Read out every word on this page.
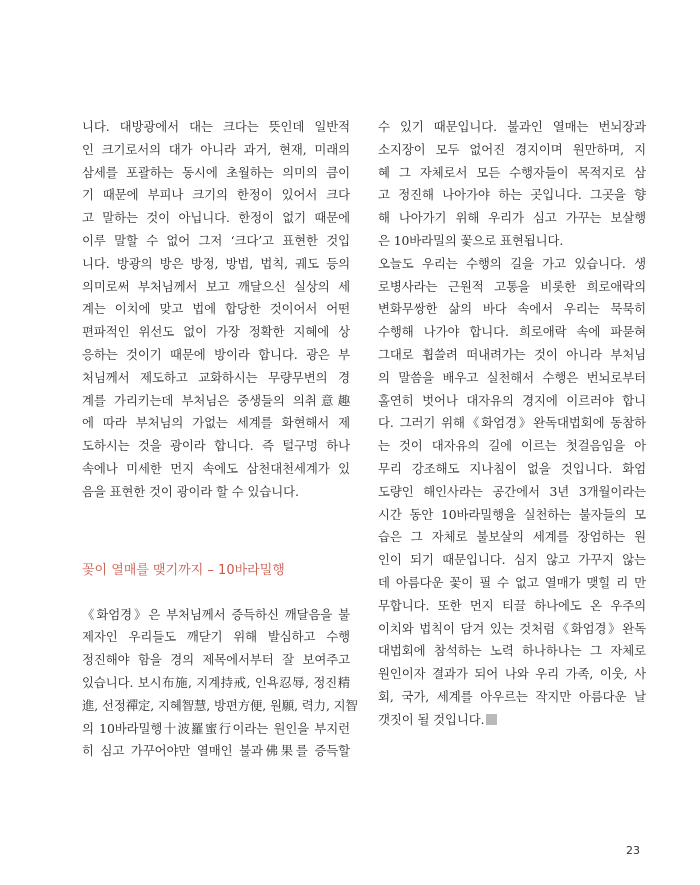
니다. 대방광에서 대는 크다는 뜻인데 일반적
인 크기로서의 대가 아니라 과거, 현재, 미래의
삼세를 포괄하는 동시에 초월하는 의미의 큼이
기 때문에 부피나 크기의 한정이 있어서 크다
고 말하는 것이 아닙니다. 한정이 없기 때문에
이루 말할 수 없어 그저 ‘크다’고 표현한 것입
니다. 방광의 방은 방정, 방법, 법칙, 궤도 등의
의미로써 부처님께서 보고 깨달으신 실상의 세
계는 이치에 맞고 법에 합당한 것이어서 어떤
편파적인 위선도 없이 가장 정확한 지혜에 상
응하는 것이기 때문에 방이라 합니다. 광은 부
처님께서 제도하고 교화하시는 무량무변의 경
계를 가리키는데 부처님은 중생들의 의취意趣
에 따라 부처님의 가없는 세계를 화현해서 제
도하시는 것을 광이라 합니다. 즉 털구멍 하나
속에나 미세한 먼지 속에도 삼천대천세계가 있
음을 표현한 것이 광이라 할 수 있습니다.
꽃이 열매를 맺기까지 – 10바라밀행
《화엄경》은 부처님께서 증득하신 깨달음을 불
제자인 우리들도 깨닫기 위해 발심하고 수행
정진해야 함을 경의 제목에서부터 잘 보여주고
있습니다. 보시布施, 지계持戒, 인욕忍辱, 정진精
進, 선정禪定, 지혜智慧, 방편方便, 원願, 력力, 지智
의 10바라밀행十波羅蜜行이라는 원인을 부지런
히 심고 가꾸어야만 열매인 불과佛果를 증득할
수 있기 때문입니다. 불과인 열매는 번뇌장과
소지장이 모두 없어진 경지이며 원만하며, 지
혜 그 자체로서 모든 수행자들이 목적지로 삼
고 정진해 나아가야 하는 곳입니다. 그곳을 향
해 나아가기 위해 우리가 심고 가꾸는 보살행
은 10바라밀의 꽃으로 표현됩니다.
오늘도 우리는 수행의 길을 가고 있습니다. 생
로병사라는 근원적 고통을 비롯한 희로애락의
변화무쌍한 삶의 바다 속에서 우리는 묵묵히
수행해 나가야 합니다. 희로애락 속에 파묻혀
그대로 휩쓸려 떠내려가는 것이 아니라 부처님
의 말씀을 배우고 실천해서 수행은 번뇌로부터
홀연히 벗어나 대자유의 경지에 이르러야 합니
다. 그러기 위해《화엄경》완독대법회에 동참하
는 것이 대자유의 길에 이르는 첫걸음임을 아
무리 강조해도 지나침이 없을 것입니다. 화엄
도량인 해인사라는 공간에서 3년 3개월이라는
시간 동안 10바라밀행을 실천하는 불자들의 모
습은 그 자체로 불보살의 세계를 장엄하는 원
인이 되기 때문입니다. 심지 않고 가꾸지 않는
데 아름다운 꽃이 필 수 없고 열매가 맺힐 리 만
무합니다. 또한 먼지 티끌 하나에도 온 우주의
이치와 법칙이 담겨 있는 것처럼《화엄경》완독
대법회에 참석하는 노력 하나하나는 그 자체로
원인이자 결과가 되어 나와 우리 가족, 이웃, 사
회, 국가, 세계를 아우르는 작지만 아름다운 날
갯짓이 될 것입니다.
23
